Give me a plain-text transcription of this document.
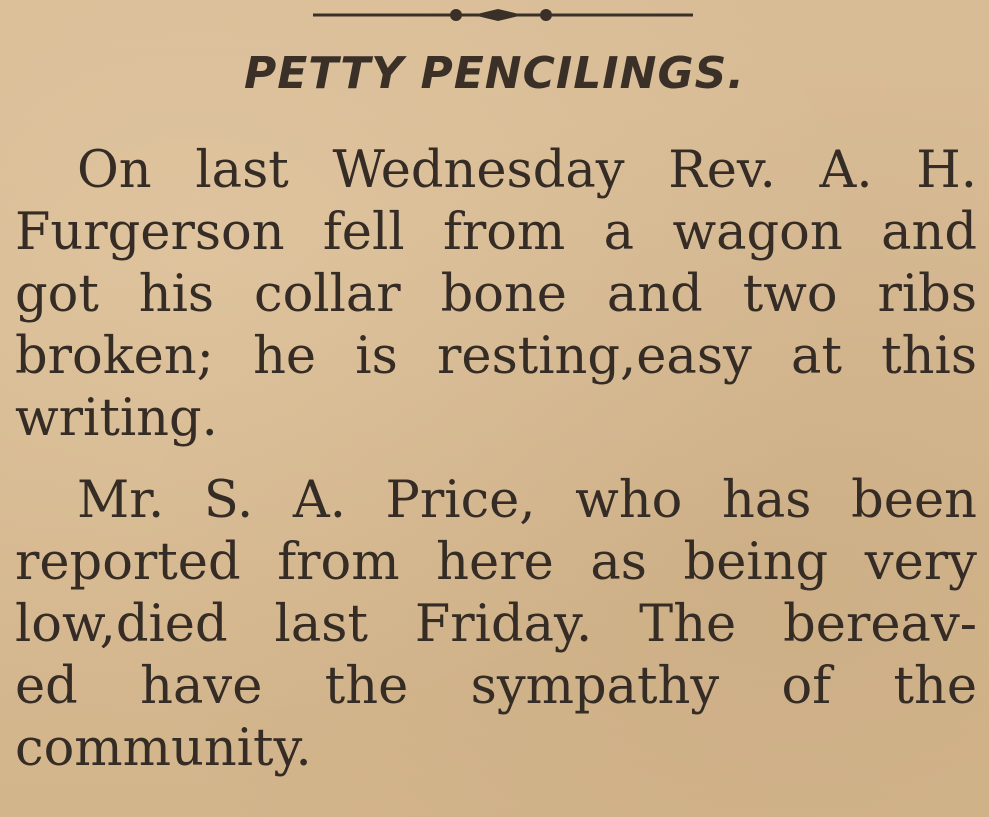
PETTY PENCILINGS.
On last Wednesday Rev. A. H.
Furgerson fell from a wagon and
got his collar bone and two ribs
broken; he is resting,easy at this
writing.
Mr. S. A. Price, who has been
reported from here as being very
low,died last Friday. The bereav-
ed have the sympathy of the
community.
